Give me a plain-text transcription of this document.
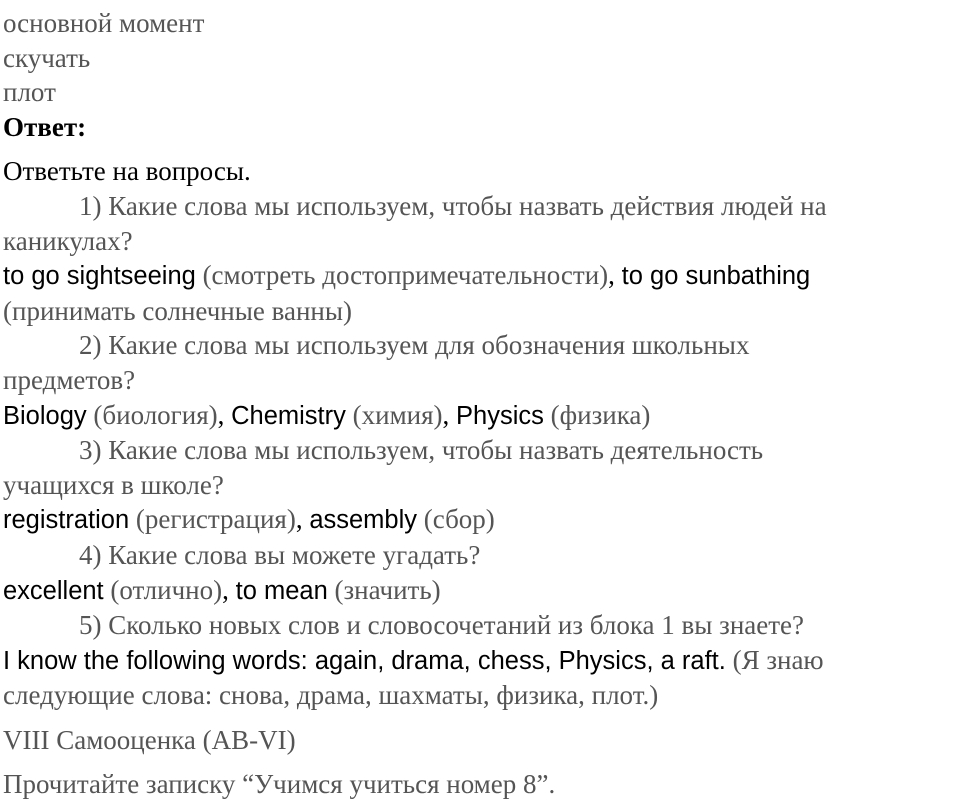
основной момент

скучать

плот

Ответ:

Ответьте на вопросы.

1) Какие слова мы используем, чтобы назвать действия людей на

каникулах?

to go sightseeing (смотреть достопримечательности), to go sunbathing

(принимать солнечные ванны)

2) Какие слова мы используем для обозначения школьных

предметов?

Biology (биология), Chemistry (химия), Physics (физика)

3) Какие слова мы используем, чтобы назвать деятельность

учащихся в школе?

registration (регистрация), assembly (сбор)

4) Какие слова вы можете угадать?

excellent (отлично), to mean (значить)

5) Сколько новых слов и словосочетаний из блока 1 вы знаете?

I know the following words: again, drama, chess, Physics, a raft. (Я знаю

следующие слова: снова, драма, шахматы, физика, плот.)

VIII Самооценка (AB-VI)

Прочитайте записку “Учимся учиться номер 8”.
